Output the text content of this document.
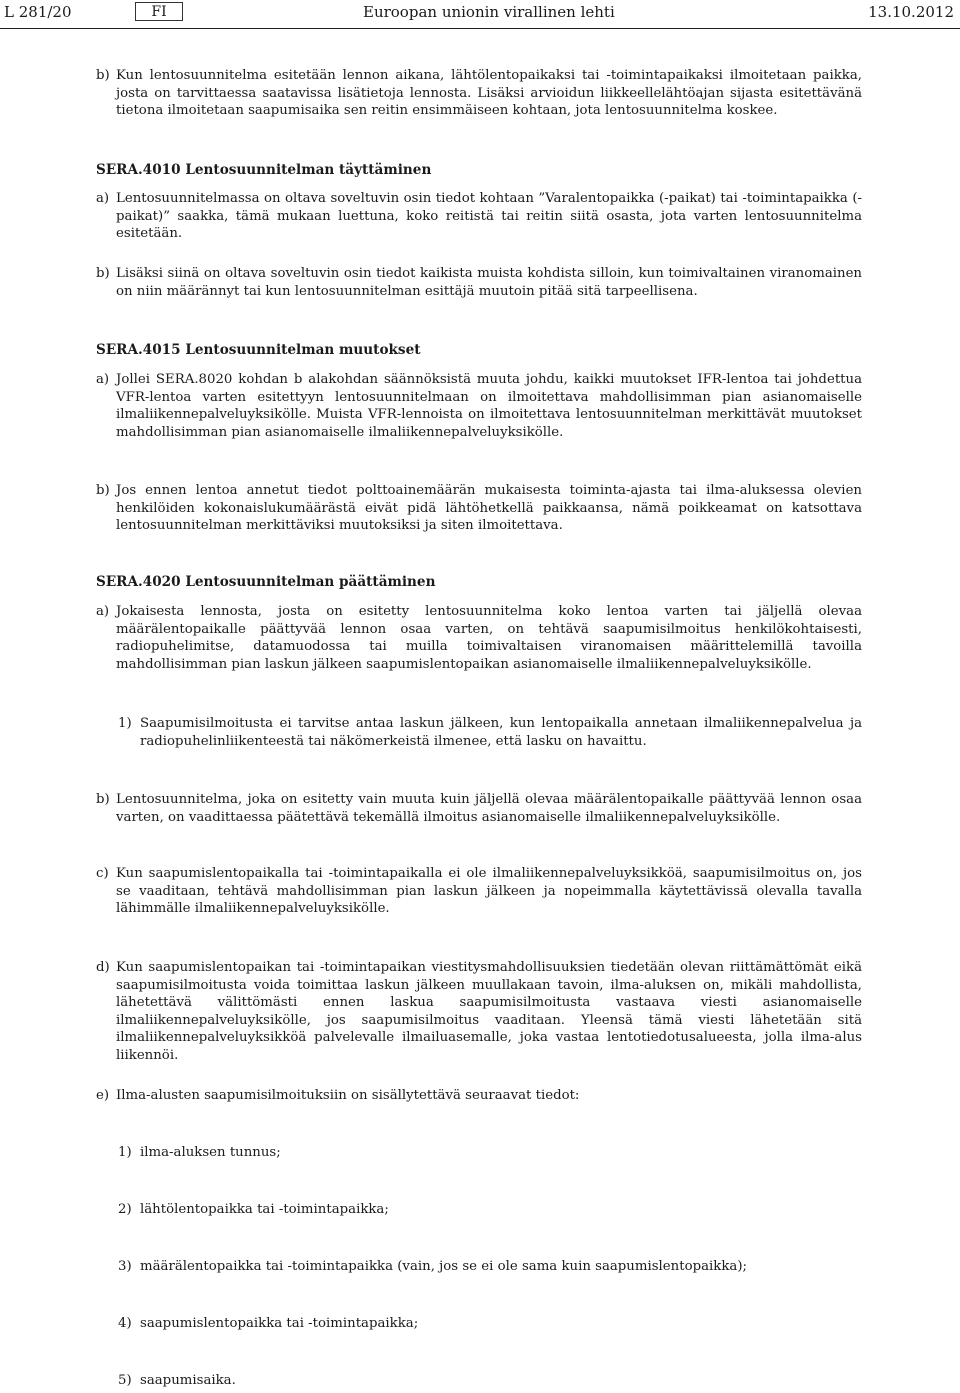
L 281/20	FI	Euroopan unionin virallinen lehti	13.10.2012
b) Kun lentosuunnitelma esitetään lennon aikana, lähtölentopaikaksi tai -toimintapaikaksi ilmoitetaan paikka, josta on tarvittaessa saatavissa lisätietoja lennosta. Lisäksi arvioidun liikkeellelähtöajan sijasta esitettävänä tietona ilmoitetaan saapumisaika sen reitin ensimmäiseen kohtaan, jota lentosuunnitelma koskee.
SERA.4010 Lentosuunnitelman täyttäminen
a) Lentosuunnitelmassa on oltava soveltuvin osin tiedot kohtaan ”Varalentopaikka (-paikat) tai -toimintapaikka (-paikat)” saakka, tämä mukaan luettuna, koko reitistä tai reitin siitä osasta, jota varten lentosuunnitelma esitetään.
b) Lisäksi siinä on oltava soveltuvin osin tiedot kaikista muista kohdista silloin, kun toimivaltainen viranomainen on niin määrännyt tai kun lentosuunnitelman esittäjä muutoin pitää sitä tarpeellisena.
SERA.4015 Lentosuunnitelman muutokset
a) Jollei SERA.8020 kohdan b alakohdan säännöksistä muuta johdu, kaikki muutokset IFR-lentoa tai johdettua VFR-lentoa varten esitettyyn lentosuunnitelmaan on ilmoitettava mahdollisimman pian asianomaiselle ilmaliikennepalveluyksikölle. Muista VFR-lennoista on ilmoitettava lentosuunnitelman merkittävät muutokset mahdollisimman pian asianomaiselle ilmaliikennepalveluyksikölle.
b) Jos ennen lentoa annetut tiedot polttoainemäärän mukaisesta toiminta-ajasta tai ilma-aluksessa olevien henkilöiden kokonaislukumäärästä eivät pidä lähtöhetkellä paikkaansa, nämä poikkeamat on katsottava lentosuunnitelman merkittäviksi muutoksiksi ja siten ilmoitettava.
SERA.4020 Lentosuunnitelman päättäminen
a) Jokaisesta lennosta, josta on esitetty lentosuunnitelma koko lentoa varten tai jäljellä olevaa määrälentopaikalle päättyvää lennon osaa varten, on tehtävä saapumisilmoitus henkilökohtaisesti, radiopuhelimitse, datamuodossa tai muilla toimivaltaisen viranomaisen määrittelemillä tavoilla mahdollisimman pian laskun jälkeen saapumislentopaikan asianomaiselle ilmaliikennepalveluyksikölle.
1) Saapumisilmoitusta ei tarvitse antaa laskun jälkeen, kun lentopaikalla annetaan ilmaliikennepalvelua ja radiopuhelinliikenteestä tai näkömerkeistä ilmenee, että lasku on havaittu.
b) Lentosuunnitelma, joka on esitetty vain muuta kuin jäljellä olevaa määrälentopaikalle päättyvää lennon osaa varten, on vaadittaessa päätettävä tekemällä ilmoitus asianomaiselle ilmaliikennepalveluyksikölle.
c) Kun saapumislentopaikalla tai -toimintapaikalla ei ole ilmaliikennepalveluyksikköä, saapumisilmoitus on, jos se vaaditaan, tehtävä mahdollisimman pian laskun jälkeen ja nopeimmalla käytettävissä olevalla tavalla lähimmälle ilmaliikennepalveluyksikölle.
d) Kun saapumislentopaikan tai -toimintapaikan viestitysmahdollisuuksien tiedetään olevan riittämättömät eikä saapumisilmoitusta voida toimittaa laskun jälkeen muullakaan tavoin, ilma-aluksen on, mikäli mahdollista, lähetettävä välittömästi ennen laskua saapumisilmoitusta vastaava viesti asianomaiselle ilmaliikennepalveluyksikölle, jos saapumisilmoitus vaaditaan. Yleensä tämä viesti lähetetään sitä ilmaliikennepalveluyksikköä palvelevalle ilmailuasemalle, joka vastaa lentotiedotusalueesta, jolla ilma-alus liikennöi.
e) Ilma-alusten saapumisilmoituksiin on sisällytettävä seuraavat tiedot:
1) ilma-aluksen tunnus;
2) lähtölentopaikka tai -toimintapaikka;
3) määrälentopaikka tai -toimintapaikka (vain, jos se ei ole sama kuin saapumislentopaikka);
4) saapumislentopaikka tai -toimintapaikka;
5) saapumisaika.
